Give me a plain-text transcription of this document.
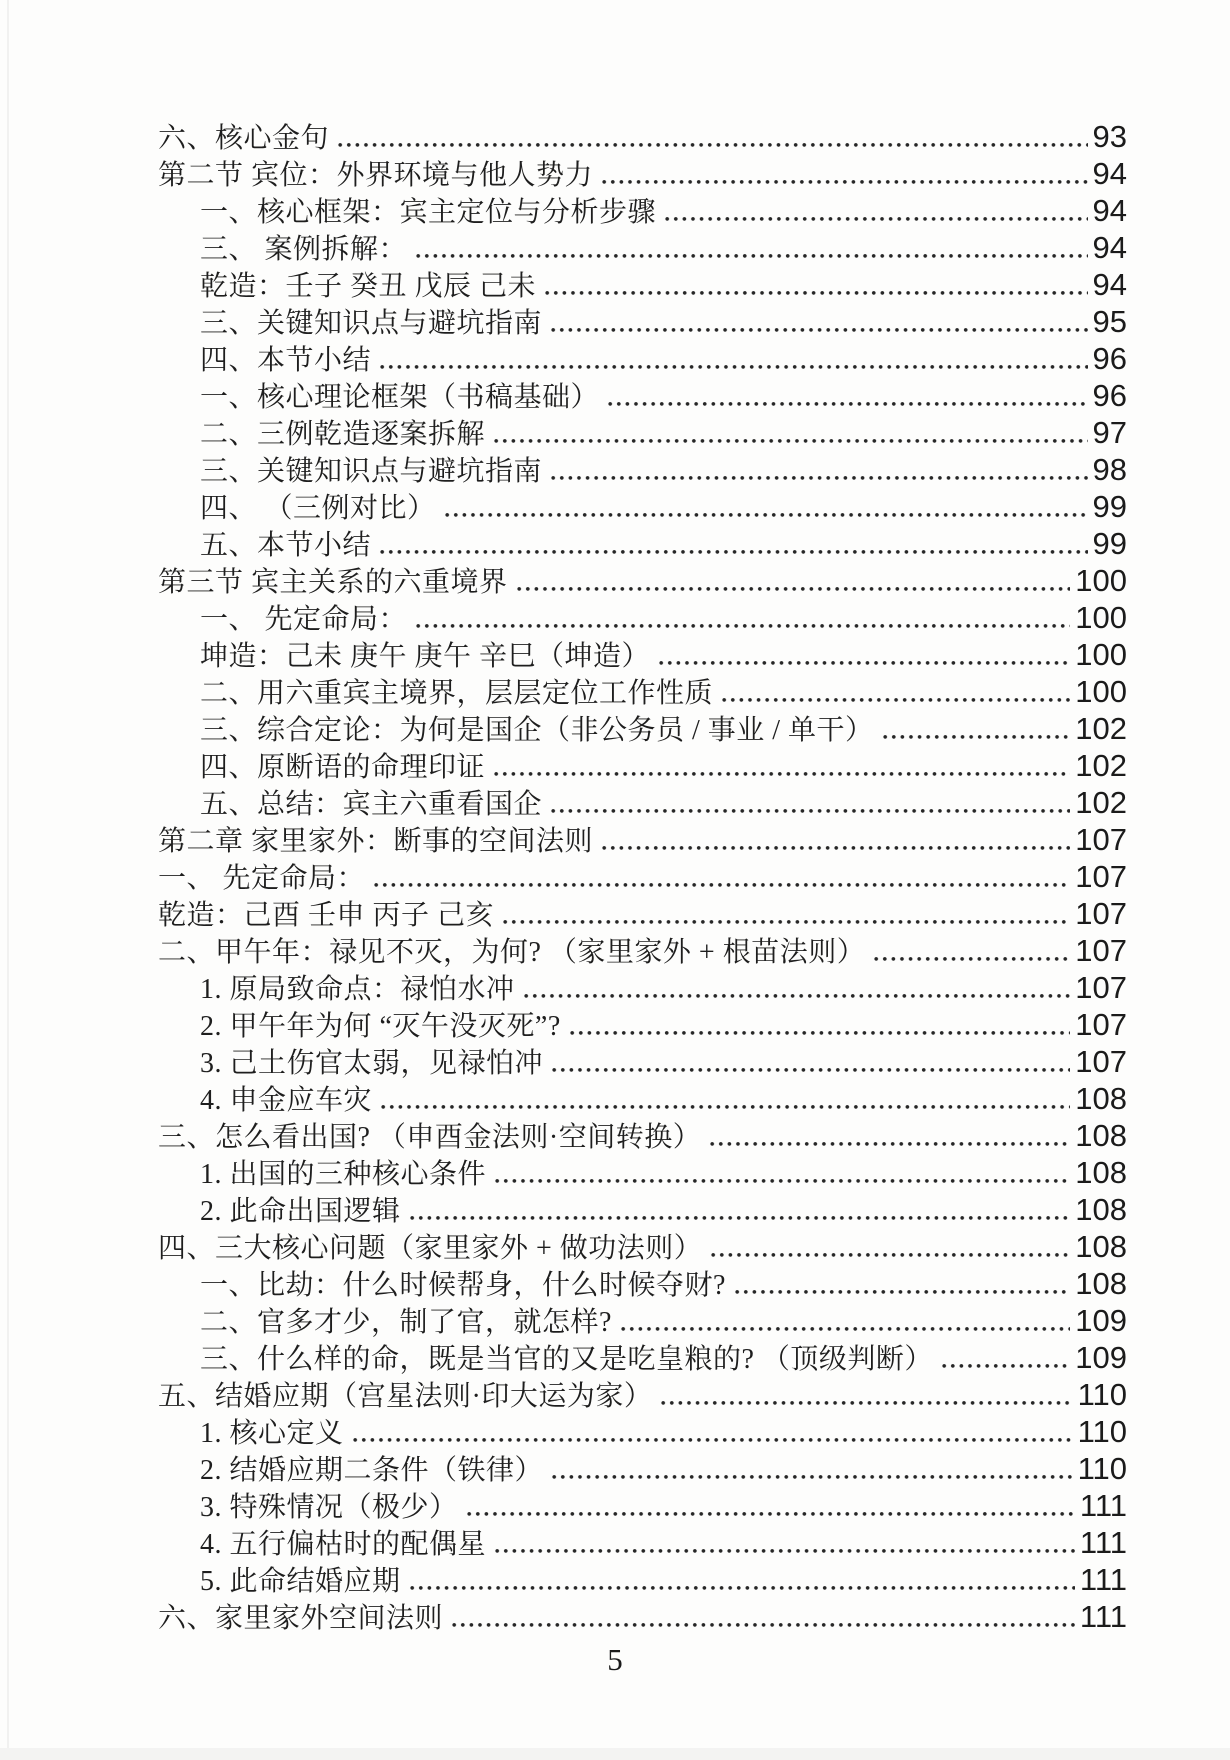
六、核心金句	93
第二节 宾位：外界环境与他人势力	94
一、核心框架：宾主定位与分析步骤	94
三、 案例拆解：	94
乾造：壬子 癸丑 戊辰 己未	94
三、关键知识点与避坑指南	95
四、本节小结	96
一、核心理论框架（书稿基础）	96
二、三例乾造逐案拆解	97
三、关键知识点与避坑指南	98
四、 （三例对比）	99
五、本节小结	99
第三节 宾主关系的六重境界	100
一、 先定命局：	100
坤造：己未 庚午 庚午 辛巳（坤造）	100
二、用六重宾主境界，层层定位工作性质	100
三、综合定论：为何是国企（非公务员 / 事业 / 单干）	102
四、原断语的命理印证	102
五、总结：宾主六重看国企	102
第二章 家里家外：断事的空间法则	107
一、 先定命局：	107
乾造：己酉 壬申 丙子 己亥	107
二、甲午年：禄见不灭，为何? （家里家外 + 根苗法则）	107
1. 原局致命点：禄怕水冲	107
2. 甲午年为何 “灭午没灭死”?	107
3. 己土伤官太弱，见禄怕冲	107
4. 申金应车灾	108
三、怎么看出国? （申酉金法则·空间转换）	108
1. 出国的三种核心条件	108
2. 此命出国逻辑	108
四、三大核心问题（家里家外 + 做功法则）	108
一、比劫：什么时候帮身，什么时候夺财?	108
二、官多才少，制了官，就怎样?	109
三、什么样的命，既是当官的又是吃皇粮的? （顶级判断）	109
五、结婚应期（宫星法则·印大运为家）	110
1. 核心定义	110
2. 结婚应期二条件（铁律）	110
3. 特殊情况（极少）	111
4. 五行偏枯时的配偶星	111
5. 此命结婚应期	111
六、家里家外空间法则	111
5
